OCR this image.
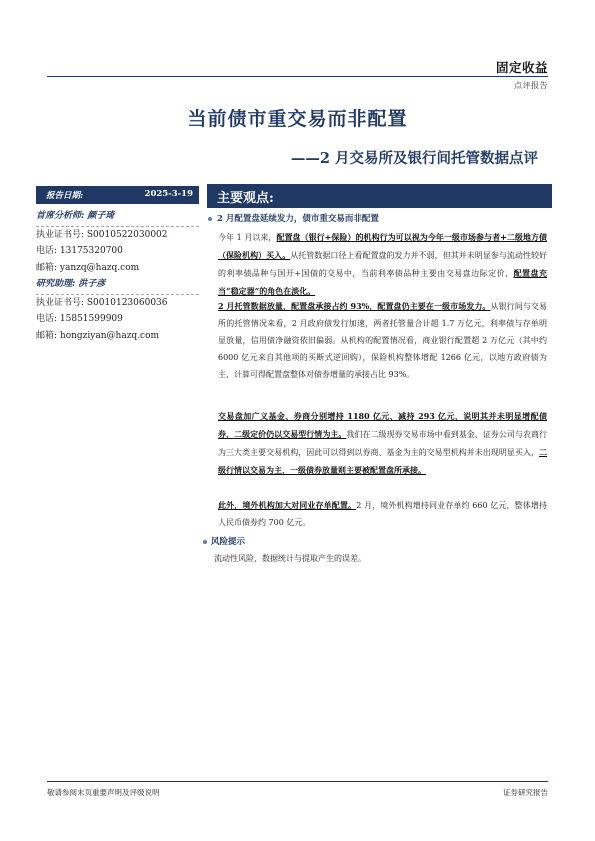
固定收益
点评报告
当前债市重交易而非配置
——2 月交易所及银行间托管数据点评
报告日期:	2025-3-19 主要观点:
首席分析师: 颜子琦
执业证书号: S0010522030002
电话: 13175320700
邮箱: yanzq@hazq.com
研究助理: 洪子彦
执业证书号: S0010123060036
电话: 15851599909
邮箱: hongziyan@hazq.com
2 月配置盘延续发力，债市重交易而非配置
今年 1 月以来，配置盘（银行+保险）的机构行为可以视为今年一级市场参与者+二级地方债（保险机构）买入。从托管数据口径上看配置盘的发力并不弱，但其并未明显参与流动性较好的利率债品种与国开+国债的交易中，当前利率债品种主要由交易盘边际定价，配置盘充当“稳定器”的角色在淡化。
2 月托管数据放量，配置盘承接占约 93%，配置盘仍主要在一级市场发力。从银行间与交易所的托管情况来看，2 月政府债发行加速，两者托管量合计超 1.7 万亿元，利率债与存单明显放量，信用债净融资依旧偏弱。从机构的配置情况看，商业银行配置超 2 万亿元（其中约 6000 亿元来自其他项的买断式逆回购），保险机构整体增配 1266 亿元，以地方政府债为主，计算可得配置盘整体对债券增量的承接占比 93%。
交易盘加广义基金、券商分别增持 1180 亿元、减持 293 亿元，说明其并未明显增配债券，二级定价仍以交易型行情为主。我们在二级现券交易市场中看到基金、证券公司与农商行为三大类主要交易机构，因此可以得到以券商、基金为主的交易型机构并未出现明显买入，二级行情以交易为主，一级债券放量则主要被配置盘所承接。
此外，境外机构加大对同业存单配置。2 月，境外机构增持同业存单约 660 亿元，整体增持人民币债券约 700 亿元。
风险提示
流动性风险，数据统计与提取产生的误差。
敬请参阅末页重要声明及评级说明	证券研究报告
